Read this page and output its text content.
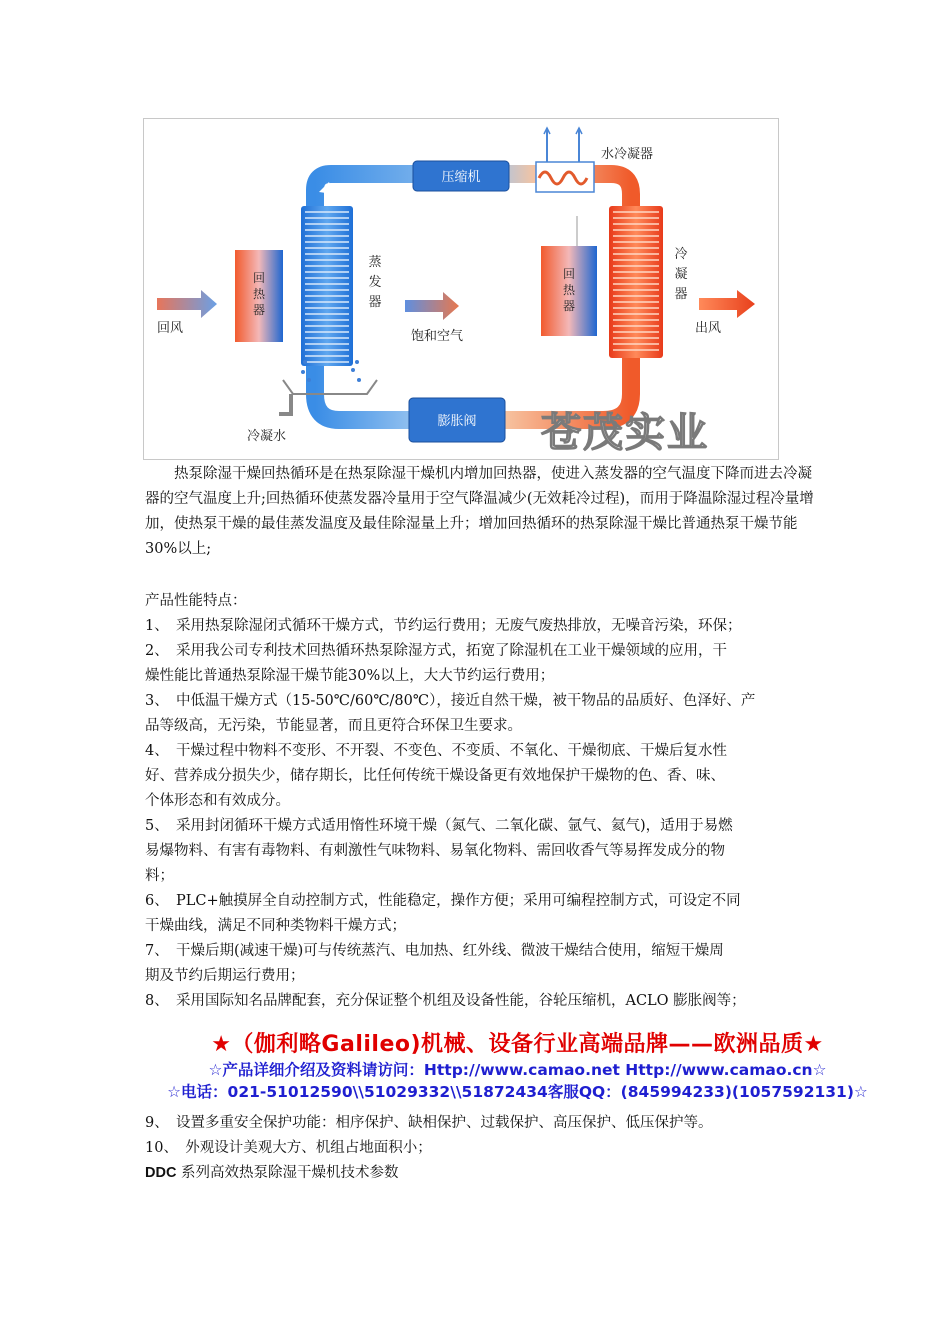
压缩机
膨胀阀
水冷凝器
回
热
器
回
热
器
蒸
发
器
冷
凝
器
回风
饱和空气
出风
冷凝水	苍茂实业

热泵除湿干燥回热循环是在热泵除湿干燥机内增加回热器，使进入蒸发器的空气温度下降而进去冷凝器的空气温度上升;回热循环使蒸发器冷量用于空气降温减少(无效耗冷过程)，而用于降温除湿过程冷量增加，使热泵干燥的最佳蒸发温度及最佳除湿量上升；增加回热循环的热泵除湿干燥比普通热泵干燥节能30%以上;

产品性能特点：
1、　采用热泵除湿闭式循环干燥方式，节约运行费用；无废气废热排放，无噪音污染，环保；
2、　采用我公司专利技术回热循环热泵除湿方式，拓宽了除湿机在工业干燥领域的应用，干
燥性能比普通热泵除湿干燥节能30%以上，大大节约运行费用；
3、　中低温干燥方式（15-50℃/60℃/80℃），接近自然干燥，被干物品的品质好、色泽好、产
品等级高，无污染，节能显著，而且更符合环保卫生要求。
4、　干燥过程中物料不变形、不开裂、不变色、不变质、不氧化、干燥彻底、干燥后复水性
好、营养成分损失少，储存期长，比任何传统干燥设备更有效地保护干燥物的色、香、味、
个体形态和有效成分。
5、　采用封闭循环干燥方式适用惰性环境干燥（氮气、二氧化碳、氩气、氦气)，适用于易燃
易爆物料、有害有毒物料、有刺激性气味物料、易氧化物料、需回收香气等易挥发成分的物
料；
6、　PLC+触摸屏全自动控制方式，性能稳定，操作方便；采用可编程控制方式，可设定不同
干燥曲线，满足不同种类物料干燥方式；
7、　干燥后期(减速干燥)可与传统蒸汽、电加热、红外线、微波干燥结合使用，缩短干燥周
期及节约后期运行费用；
8、　采用国际知名品牌配套，充分保证整个机组及设备性能，谷轮压缩机，ACLO 膨胀阀等；
★（伽利略Galileo)机械、设备行业高端品牌——欧洲品质★
☆产品详细介绍及资料请访问：Http://www.camao.net Http://www.camao.cn☆
☆电话：021-51012590\\51029332\\51872434客服QQ：(845994233)(1057592131)☆
9、　设置多重安全保护功能：相序保护、缺相保护、过载保护、高压保护、低压保护等。
10、　外观设计美观大方、机组占地面积小；
DDC 系列高效热泵除湿干燥机技术参数
